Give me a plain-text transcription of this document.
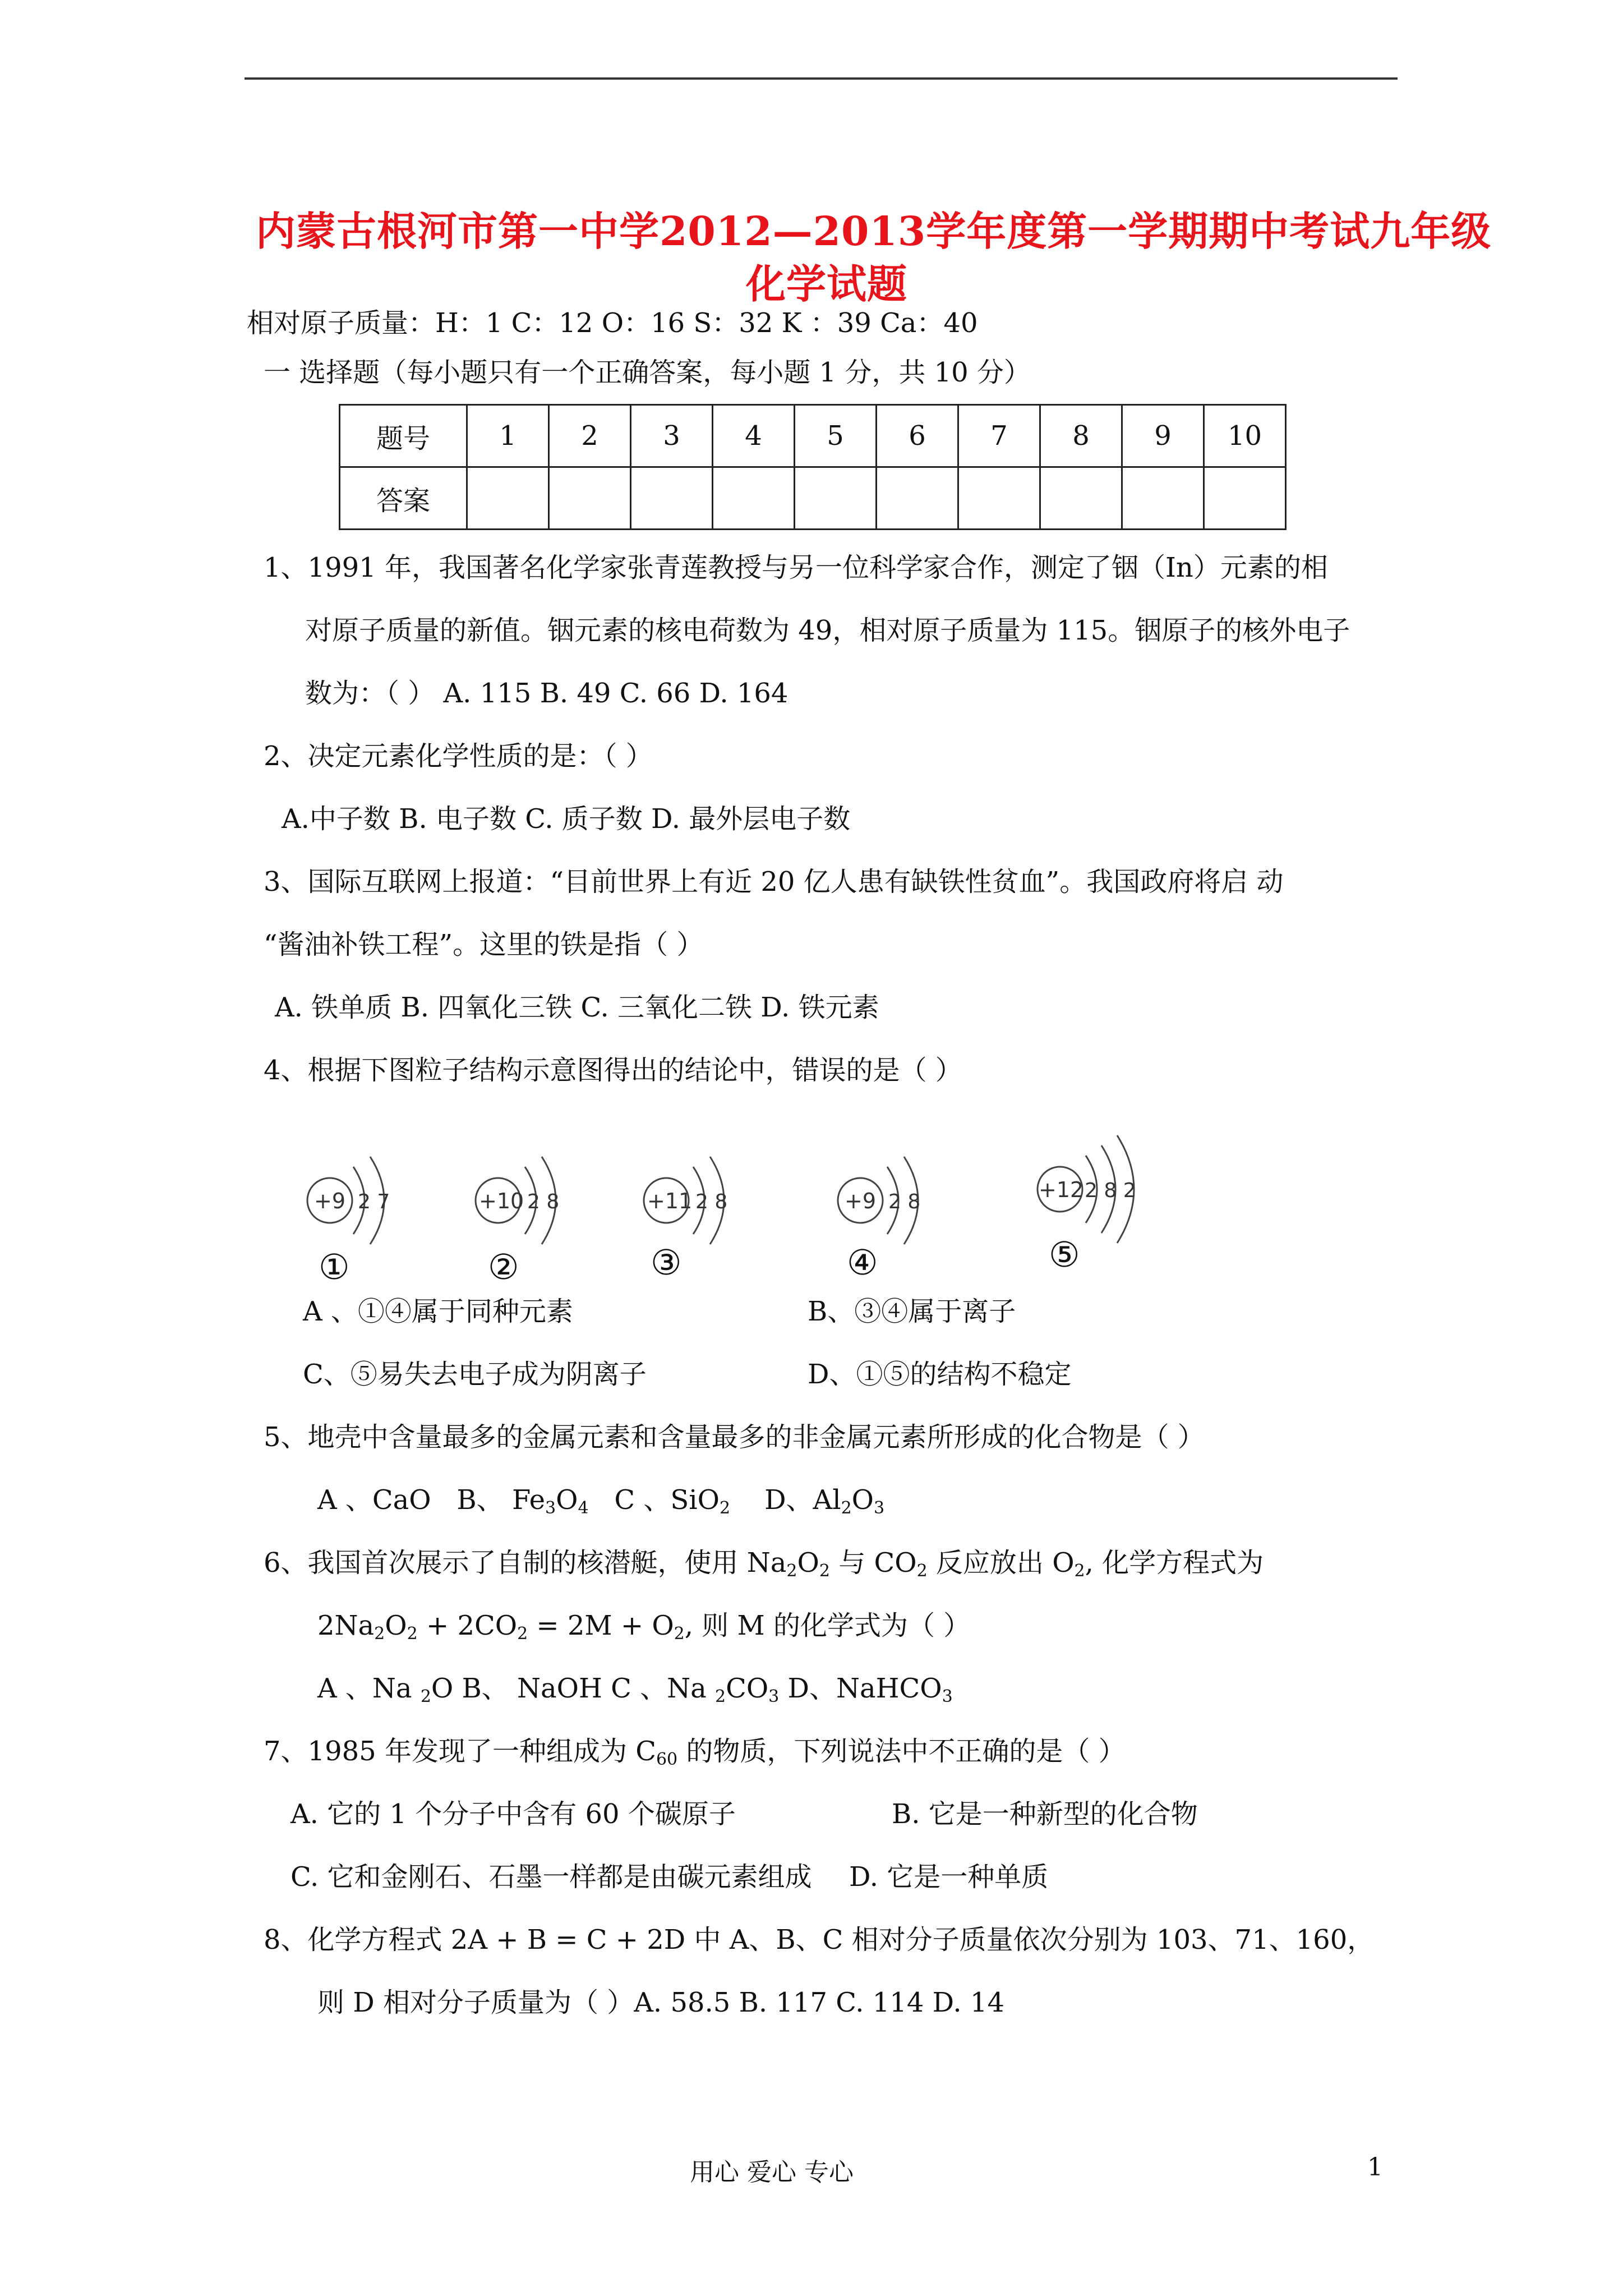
内蒙古根河市第一中学2012—2013学年度第一学期期中考试九年级
化学试题
相对原子质量：H：1 C：12 O：16 S：32 K ：39 Ca：40
一 选择题（每小题只有一个正确答案，每小题 1 分，共 10 分）
题号	1	2	3	4	5	6	7	8	9	10
答案										
1、1991 年，我国著名化学家张青莲教授与另一位科学家合作，测定了铟（In）元素的相
对原子质量的新值。铟元素的核电荷数为 49，相对原子质量为 115。铟原子的核外电子
数为：（ ） A. 115 B. 49 C. 66 D. 164
2、决定元素化学性质的是：（ ）
A.中子数 B. 电子数 C. 质子数 D. 最外层电子数
3、国际互联网上报道：“目前世界上有近 20 亿人患有缺铁性贫血”。我国政府将启 动
“酱油补铁工程”。这里的铁是指（ ）
A. 铁单质 B. 四氧化三铁 C. 三氧化二铁 D. 铁元素
4、根据下图粒子结构示意图得出的结论中，错误的是（ ）
+9 2 7
①
+10 2 8
②
+11 2 8
③
+9 2 8
④
+12 2 8 2
⑤
A 、①④属于同种元素	B、③④属于离子
C、⑤易失去电子成为阴离子	D、①⑤的结构不稳定
5、地壳中含量最多的金属元素和含量最多的非金属元素所形成的化合物是（ ）
A 、CaO B、 $Fe_3O_4$ C 、SiO$_2$ D、$Al_2O_3$
6、我国首次展示了自制的核潜艇，使用 $Na_2O_2$ 与 $CO_2$ 反应放出 $O_2$, 化学方程式为
$2Na_2O_2 + 2CO_2 = 2M + O_2$, 则 M 的化学式为（ ）
A 、Na $_2$O B、 NaOH C 、Na $_2CO_3$ D、NaHCO$_3$
7、1985 年发现了一种组成为 $C_{60}$ 的物质，下列说法中不正确的是（ ）
A. 它的 1 个分子中含有 60 个碳原子	B. 它是一种新型的化合物
C. 它和金刚石、石墨一样都是由碳元素组成 D. 它是一种单质
8、化学方程式 2A + B = C + 2D 中 A、B、C 相对分子质量依次分别为 103、71、160，
则 D 相对分子质量为（ ）A. 58.5 B. 117 C. 114 D. 14
用心 爱心 专心	1
